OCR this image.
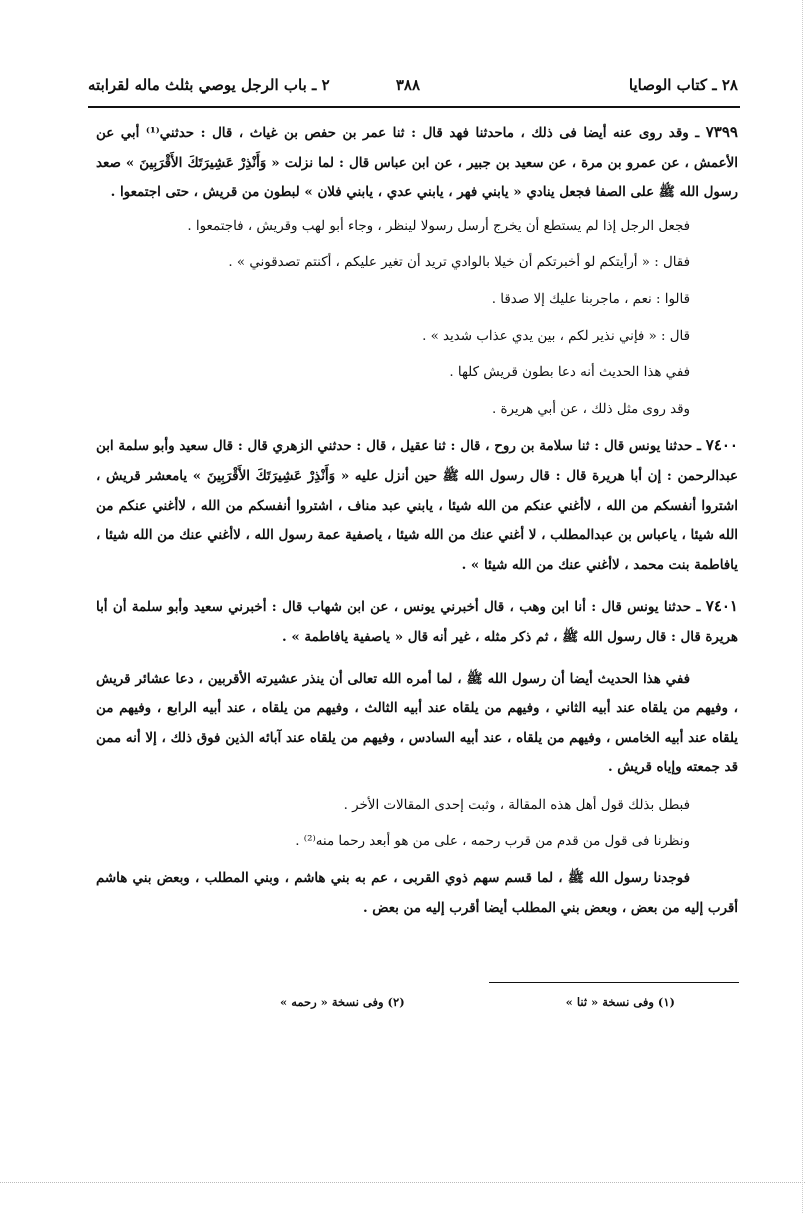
٢٨ ـ كتاب الوصايا
٣٨٨
٢ ـ باب الرجل يوصي بثلث ماله لقرابته

٧٣٩٩ ـ وقد روى عنه أيضا فى ذلك ، ماحدثنا فهد قال : ثنا عمر بن حفص بن غياث ، قال : حدثني⁽¹⁾ أبي عن الأعمش ، عن عمرو بن مرة ، عن سعيد بن جبير ، عن ابن عباس قال : لما نزلت « وَأَنْذِرْ عَشِيرَتَكَ الأَقْرَبِينَ » صعد رسول الله ﷺ على الصفا فجعل ينادي « يابني فهر ، يابني عدي ، يابني فلان » لبطون من قريش ، حتى اجتمعوا .

فجعل الرجل إذا لم يستطع أن يخرج أرسل رسولا لينظر ، وجاء أبو لهب وقريش ، فاجتمعوا .

فقال : « أرأيتكم لو أخبرتكم أن خيلا بالوادي تريد أن تغير عليكم ، أكنتم تصدقوني » .

قالوا : نعم ، ماجربنا عليك إلا صدقا .

قال : « فإني نذير لكم ، بين يدي عذاب شديد » .

ففي هذا الحديث أنه دعا بطون قريش كلها .

وقد روى مثل ذلك ، عن أبي هريرة .

٧٤٠٠ ـ حدثنا يونس قال : ثنا سلامة بن روح ، قال : ثنا عقيل ، قال : حدثني الزهري قال : قال سعيد وأبو سلمة ابن عبدالرحمن : إن أبا هريرة قال : قال رسول الله ﷺ حين أنزل عليه « وَأَنْذِرْ عَشِيرَتَكَ الأَقْرَبِينَ » يامعشر قريش ، اشتروا أنفسكم من الله ، لاأغني عنكم من الله شيئا ، يابني عبد مناف ، اشتروا أنفسكم من الله ، لاأغني عنكم من الله شيئا ، ياعباس بن عبدالمطلب ، لا أغني عنك من الله شيئا ، ياصفية عمة رسول الله ، لاأغني عنك من الله شيئا ، يافاطمة بنت محمد ، لاأغني عنك من الله شيئا » .

٧٤٠١ ـ حدثنا يونس قال : أنا ابن وهب ، قال أخبرني يونس ، عن ابن شهاب قال : أخبرني سعيد وأبو سلمة أن أبا هريرة قال : قال رسول الله ﷺ ، ثم ذكر مثله ، غير أنه قال « ياصفية يافاطمة » .

ففي هذا الحديث أيضا أن رسول الله ﷺ ، لما أمره الله تعالى أن ينذر عشيرته الأقربين ، دعا عشائر قريش ، وفيهم من يلقاه عند أبيه الثاني ، وفيهم من يلقاه عند أبيه الثالث ، وفيهم من يلقاه ، عند أبيه الرابع ، وفيهم من يلقاه عند أبيه الخامس ، وفيهم من يلقاه ، عند أبيه السادس ، وفيهم من يلقاه عند آبائه الذين فوق ذلك ، إلا أنه ممن قد جمعته وإياه قريش .

فبطل بذلك قول أهل هذه المقالة ، وثبت إحدى المقالات الأخر .

ونظرنا فى قول من قدم من قرب رحمه ، على من هو أبعد رحما منه⁽²⁾ .

فوجدنا رسول الله ﷺ ، لما قسم سهم ذوي القربى ، عم به بني هاشم ، وبني المطلب ، وبعض بني هاشم أقرب إليه من بعض ، وبعض بني المطلب أيضا أقرب إليه من بعض .

(١) وفى نسخة « ثنا »
(٢) وفى نسخة « رحمه »
